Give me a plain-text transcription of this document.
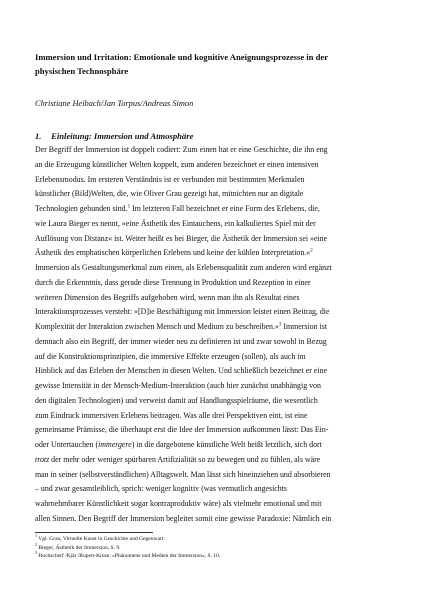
Immersion und Irritation: Emotionale und kognitive Aneignungsprozesse in der
physischen Technosphäre
Christiane Heibach/Jan Torpus/Andreas Simon
1. Einleitung: Immersion und Atmosphäre
Der Begriff der Immersion ist doppelt codiert: Zum einen hat er eine Geschichte, die ihn eng
an die Erzeugung künstlicher Welten koppelt, zum anderen bezeichnet er einen intensiven
Erlebensmodus. Im ersteren Verständnis ist er verbunden mit bestimmten Merkmalen
künstlicher (Bild)Welten, die, wie Oliver Grau gezeigt hat, mitnichten nur an digitale
Technologien gebunden sind.$^1$ Im letzteren Fall bezeichnet er eine Form des Erlebens, die,
wie Laura Bieger es nennt, »eine Ästhetik des Eintauchens, ein kalkuliertes Spiel mit der
Auflösung von Distanz« ist. Weiter heißt es bei Bieger, die Ästhetik der Immersion sei »eine
Ästhetik des emphatischen körperlichen Erlebens und keine der kühlen Interpretation.«$^2$
Immersion als Gestaltungsmerkmal zum einen, als Erlebensqualität zum anderen wird ergänzt
durch die Erkenntnis, dass gerade diese Trennung in Produktion und Rezeption in einer
weiteren Dimension des Begriffs aufgehoben wird, wenn man ihn als Resultat eines
Interaktionsprozesses versteht: »[D]ie Beschäftigung mit Immersion leistet einen Beitrag, die
Komplexität der Interaktion zwischen Mensch und Medium zu beschreiben.«$^3$ Immersion ist
demnach also ein Begriff, der immer wieder neu zu definieren ist und zwar sowohl in Bezug
auf die Konstruktionsprinzipien, die immersive Effekte erzeugen (sollen), als auch im
Hinblick auf das Erleben der Menschen in diesen Welten. Und schließlich bezeichnet er eine
gewisse Intensität in der Mensch-Medium-Interaktion (auch hier zunächst unabhängig von
den digitalen Technologien) und verweist damit auf Handlungsspielräume, die wesentlich
zum Eindruck immersiven Erlebens beitragen. Was alle drei Perspektiven eint, ist eine
gemeinsame Prämisse, die überhaupt erst die Idee der Immersion aufkommen lässt: Das Ein-
oder Untertauchen (immergere) in die dargebotene künstliche Welt heißt letztlich, sich dort
trotz der mehr oder weniger spürbaren Artifizialität so zu bewegen und zu fühlen, als wäre
man in seiner (selbstverständlichen) Alltagswelt. Man lässt sich hineinziehen und absorbieren
– und zwar gesamtleiblich, sprich: weniger kognitiv (was vermutlich angesichts
wahrnehmbarer Künstlichkeit sogar kontraproduktiv wäre) als vielmehr emotional und mit
allen Sinnen. Den Begriff der Immersion begleitet somit eine gewisse Paradoxie: Nämlich ein
$^1$ Vgl. Grau, Virtuelle Kunst in Geschichte und Gegenwart.
$^2$ Bieger, Ästhetik der Immersion, S. 9.
$^3$ Hochscherf /Kjär /Rupert-Kruse: »Phänomene und Medien der Immersion«, S. 10.
